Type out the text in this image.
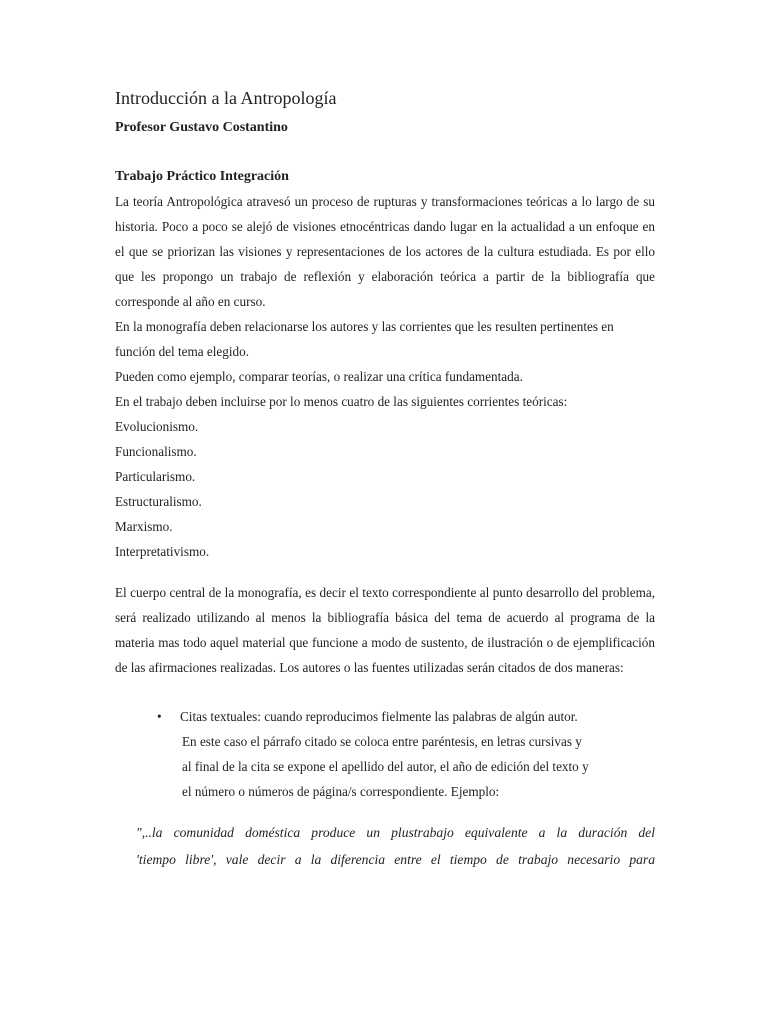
Introducción a la Antropología
Profesor Gustavo Costantino
Trabajo Práctico Integración

La teoría Antropológica atravesó un proceso de rupturas y transformaciones teóricas a lo largo de su historia. Poco a poco se alejó de visiones etnocéntricas dando lugar en la actualidad a un enfoque en el que se priorizan las visiones y representaciones de los actores de la cultura estudiada. Es por ello que les propongo un trabajo de reflexión y elaboración teórica a partir de la bibliografía que corresponde al año en curso.

En la monografía deben relacionarse los autores y las corrientes que les resulten pertinentes en función del tema elegido.

Pueden como ejemplo, comparar teorías, o realizar una crítica fundamentada.

En el trabajo deben incluirse por lo menos cuatro de las siguientes corrientes teóricas:

Evolucionismo.
Funcionalismo.
Particularismo.
Estructuralismo.
Marxismo.
Interpretativismo.

El cuerpo central de la monografía, es decir el texto correspondiente al punto desarrollo del problema, será realizado utilizando al menos la bibliografía básica del tema de acuerdo al programa de la materia mas todo aquel material que funcione a modo de sustento, de ilustración o de ejemplificación de las afirmaciones realizadas. Los autores o las fuentes utilizadas serán citados de dos maneras:

•	Citas textuales: cuando reproducimos fielmente las palabras de algún autor.
En este caso el párrafo citado se coloca entre paréntesis, en letras cursivas y
al final de la cita se expone el apellido del autor, el año de edición del texto y
el número o números de página/s correspondiente. Ejemplo:
",..la comunidad doméstica produce un plustrabajo equivalente a la duración del
'tiempo libre', vale decir a la diferencia entre el tiempo de trabajo necesario para
